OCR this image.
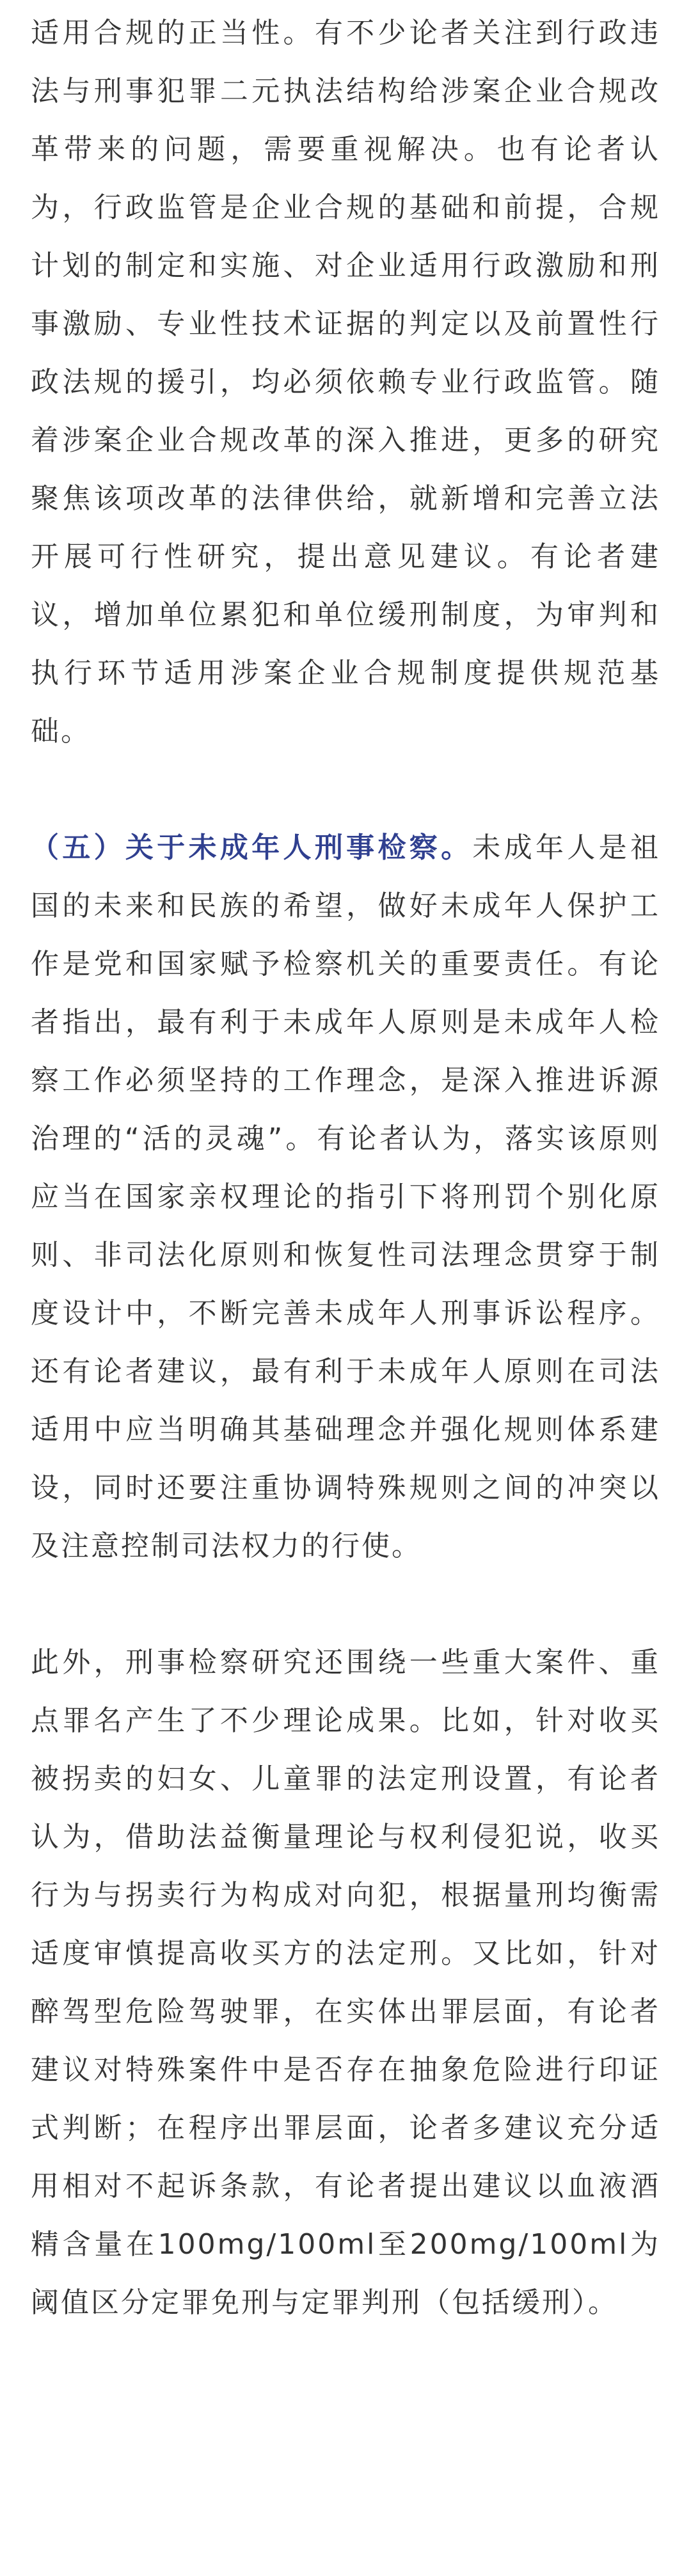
适用合规的正当性。有不少论者关注到行政违法与刑事犯罪二元执法结构给涉案企业合规改革带来的问题，需要重视解决。也有论者认为，行政监管是企业合规的基础和前提，合规计划的制定和实施、对企业适用行政激励和刑事激励、专业性技术证据的判定以及前置性行政法规的援引，均必须依赖专业行政监管。随着涉案企业合规改革的深入推进，更多的研究聚焦该项改革的法律供给，就新增和完善立法开展可行性研究，提出意见建议。有论者建议，增加单位累犯和单位缓刑制度，为审判和执行环节适用涉案企业合规制度提供规范基础。

（五）关于未成年人刑事检察。未成年人是祖国的未来和民族的希望，做好未成年人保护工作是党和国家赋予检察机关的重要责任。有论者指出，最有利于未成年人原则是未成年人检察工作必须坚持的工作理念，是深入推进诉源治理的“活的灵魂”。有论者认为，落实该原则应当在国家亲权理论的指引下将刑罚个别化原则、非司法化原则和恢复性司法理念贯穿于制度设计中，不断完善未成年人刑事诉讼程序。还有论者建议，最有利于未成年人原则在司法适用中应当明确其基础理念并强化规则体系建设，同时还要注重协调特殊规则之间的冲突以及注意控制司法权力的行使。

此外，刑事检察研究还围绕一些重大案件、重点罪名产生了不少理论成果。比如，针对收买被拐卖的妇女、儿童罪的法定刑设置，有论者认为，借助法益衡量理论与权利侵犯说，收买行为与拐卖行为构成对向犯，根据量刑均衡需适度审慎提高收买方的法定刑。又比如，针对醉驾型危险驾驶罪，在实体出罪层面，有论者建议对特殊案件中是否存在抽象危险进行印证式判断；在程序出罪层面，论者多建议充分适用相对不起诉条款，有论者提出建议以血液酒精含量在100mg/100ml至200mg/100ml为阈值区分定罪免刑与定罪判刑（包括缓刑）。
